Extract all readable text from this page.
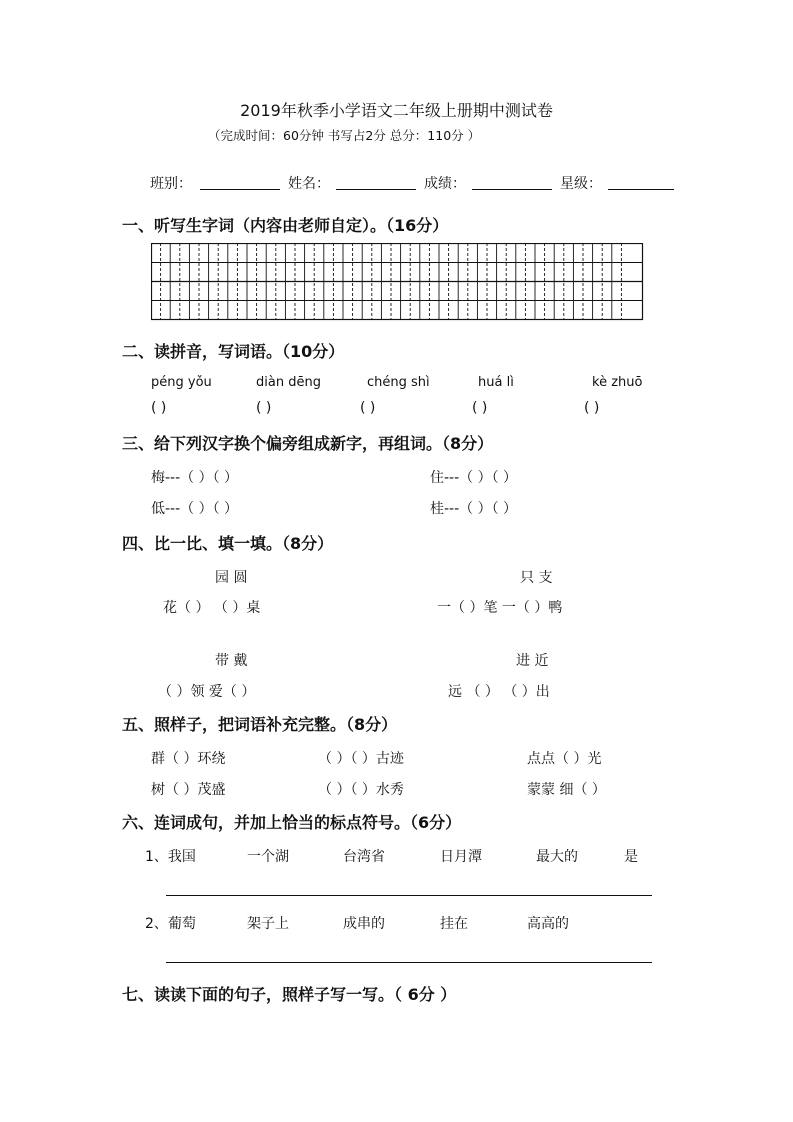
2019年秋季小学语文二年级上册期中测试卷
（完成时间：60分钟 书写占2分 总分：110分 ）
班别：	姓名：	成绩：	星级：
一、听写生字词（内容由老师自定）。（16分）
二、读拼音，写词语。（10分）
péng yǒu	diàn dēng	chéng shì	huá lì	kè zhuō
( )	( )	( )	( )	( )
三、给下列汉字换个偏旁组成新字，再组词。（8分）
梅---（ ）（ ）	住---（ ）（ ）
低---（ ）（ ）	桂---（ ）（ ）
四、比一比、填一填。（8分）
园 圆	只 支
花（ ） （ ）桌	一（ ）笔 一（ ）鸭
带 戴	进 近
（ ）领 爱（ ）	远 （ ） （ ）出
五、照样子，把词语补充完整。（8分）
群（ ）环绕	（ ）（ ）古迹	点点（ ）光
树（ ）茂盛	（ ）（ ）水秀	蒙蒙 细（ ）
六、连词成句，并加上恰当的标点符号。（6分）
1、我国	一个湖	台湾省	日月潭	最大的	是
2、葡萄	架子上	成串的	挂在	高高的
七、读读下面的句子，照样子写一写。（ 6分 ）
